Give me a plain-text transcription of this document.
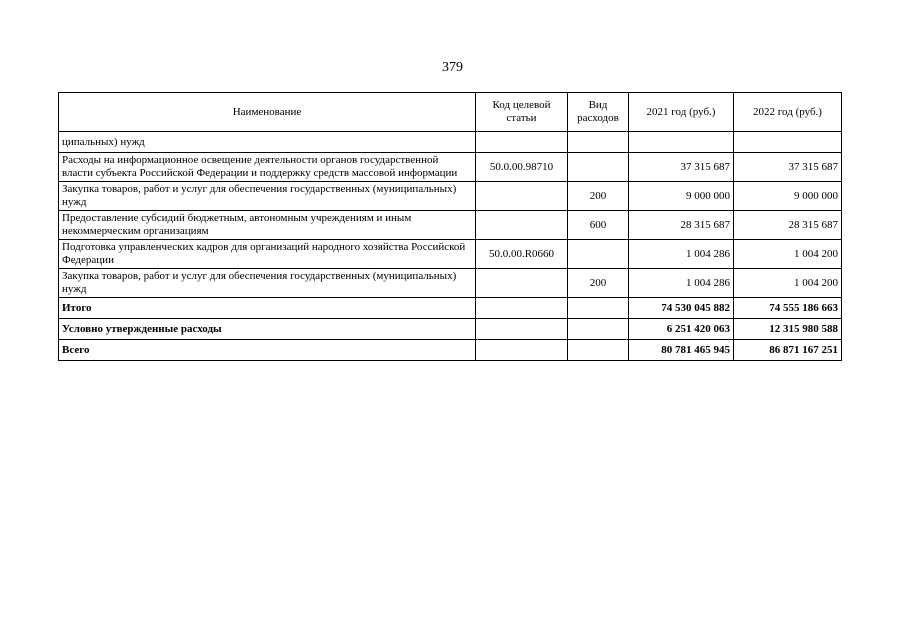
379
Наименование	Код целевой статьи	Вид расходов	2021 год (руб.)	2022 год (руб.)
ципальных) нужд				
Расходы на информационное освещение деятельности органов государственной власти субъекта Российской Федерации и поддержку средств массовой информации	50.0.00.98710		37 315 687	37 315 687
Закупка товаров, работ и услуг для обеспечения государственных (муниципальных) нужд		200	9 000 000	9 000 000
Предоставление субсидий бюджетным, автономным учреждениям и иным некоммерческим организациям		600	28 315 687	28 315 687
Подготовка управленческих кадров для организаций народного хозяйства Российской Федерации	50.0.00.R0660		1 004 286	1 004 200
Закупка товаров, работ и услуг для обеспечения государственных (муниципальных) нужд		200	1 004 286	1 004 200
Итого			74 530 045 882	74 555 186 663
Условно утвержденные расходы			6 251 420 063	12 315 980 588
Всего			80 781 465 945	86 871 167 251
